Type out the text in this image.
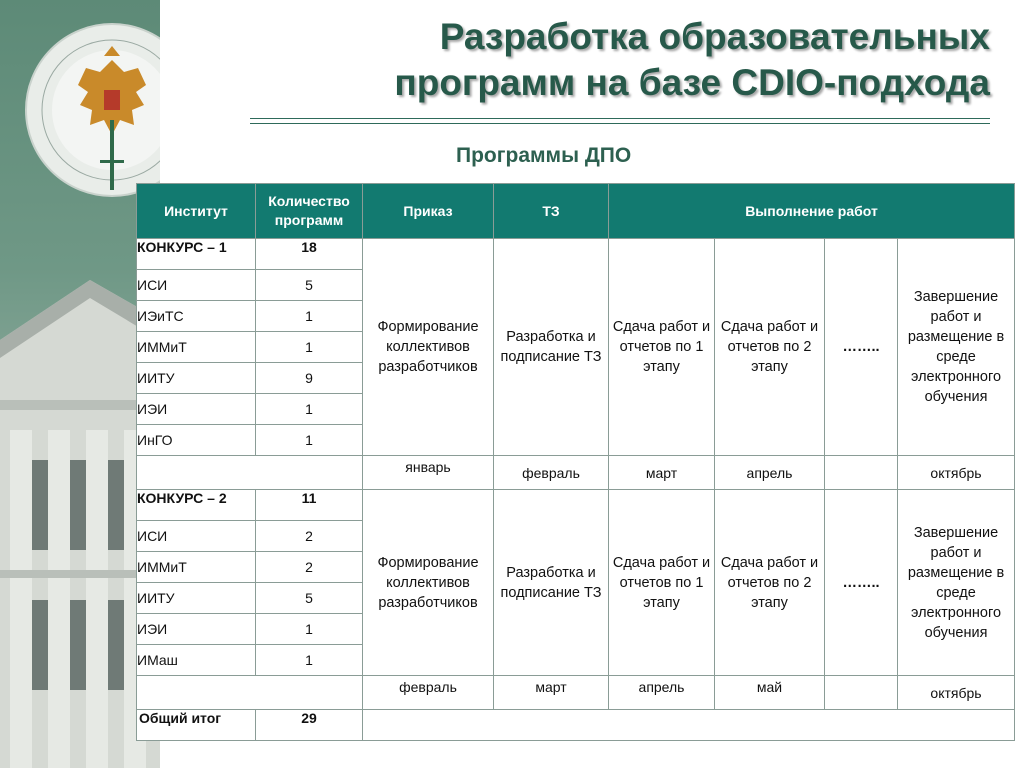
Разработка образовательных
программ на базе CDIO-подхода
Программы ДПО
Институт	Количество
программ	Приказ	ТЗ	Выполнение работ			
КОНКУРС – 1	18	Формирование коллективов разработчиков	Разработка и подписание ТЗ	Сдача работ и отчетов по 1 этапу	Сдача работ и отчетов по 2 этапу	……..	Завершение работ и размещение в среде электронного обучения
ИСИ	5						
ИЭиТС	1						
ИММиТ	1						
ИИТУ	9						
ИЭИ	1						
ИнГО	1						
		январь	февраль	март	апрель		октябрь
КОНКУРС – 2	11	Формирование коллективов разработчиков	Разработка и подписание ТЗ	Сдача работ и отчетов по 1 этапу	Сдача работ и отчетов по 2 этапу	……..	Завершение работ и размещение в среде электронного обучения
ИСИ	2						
ИММиТ	2						
ИИТУ	5						
ИЭИ	1						
ИМаш	1						
		февраль	март	апрель	май		октябрь
Общий итог	29						
